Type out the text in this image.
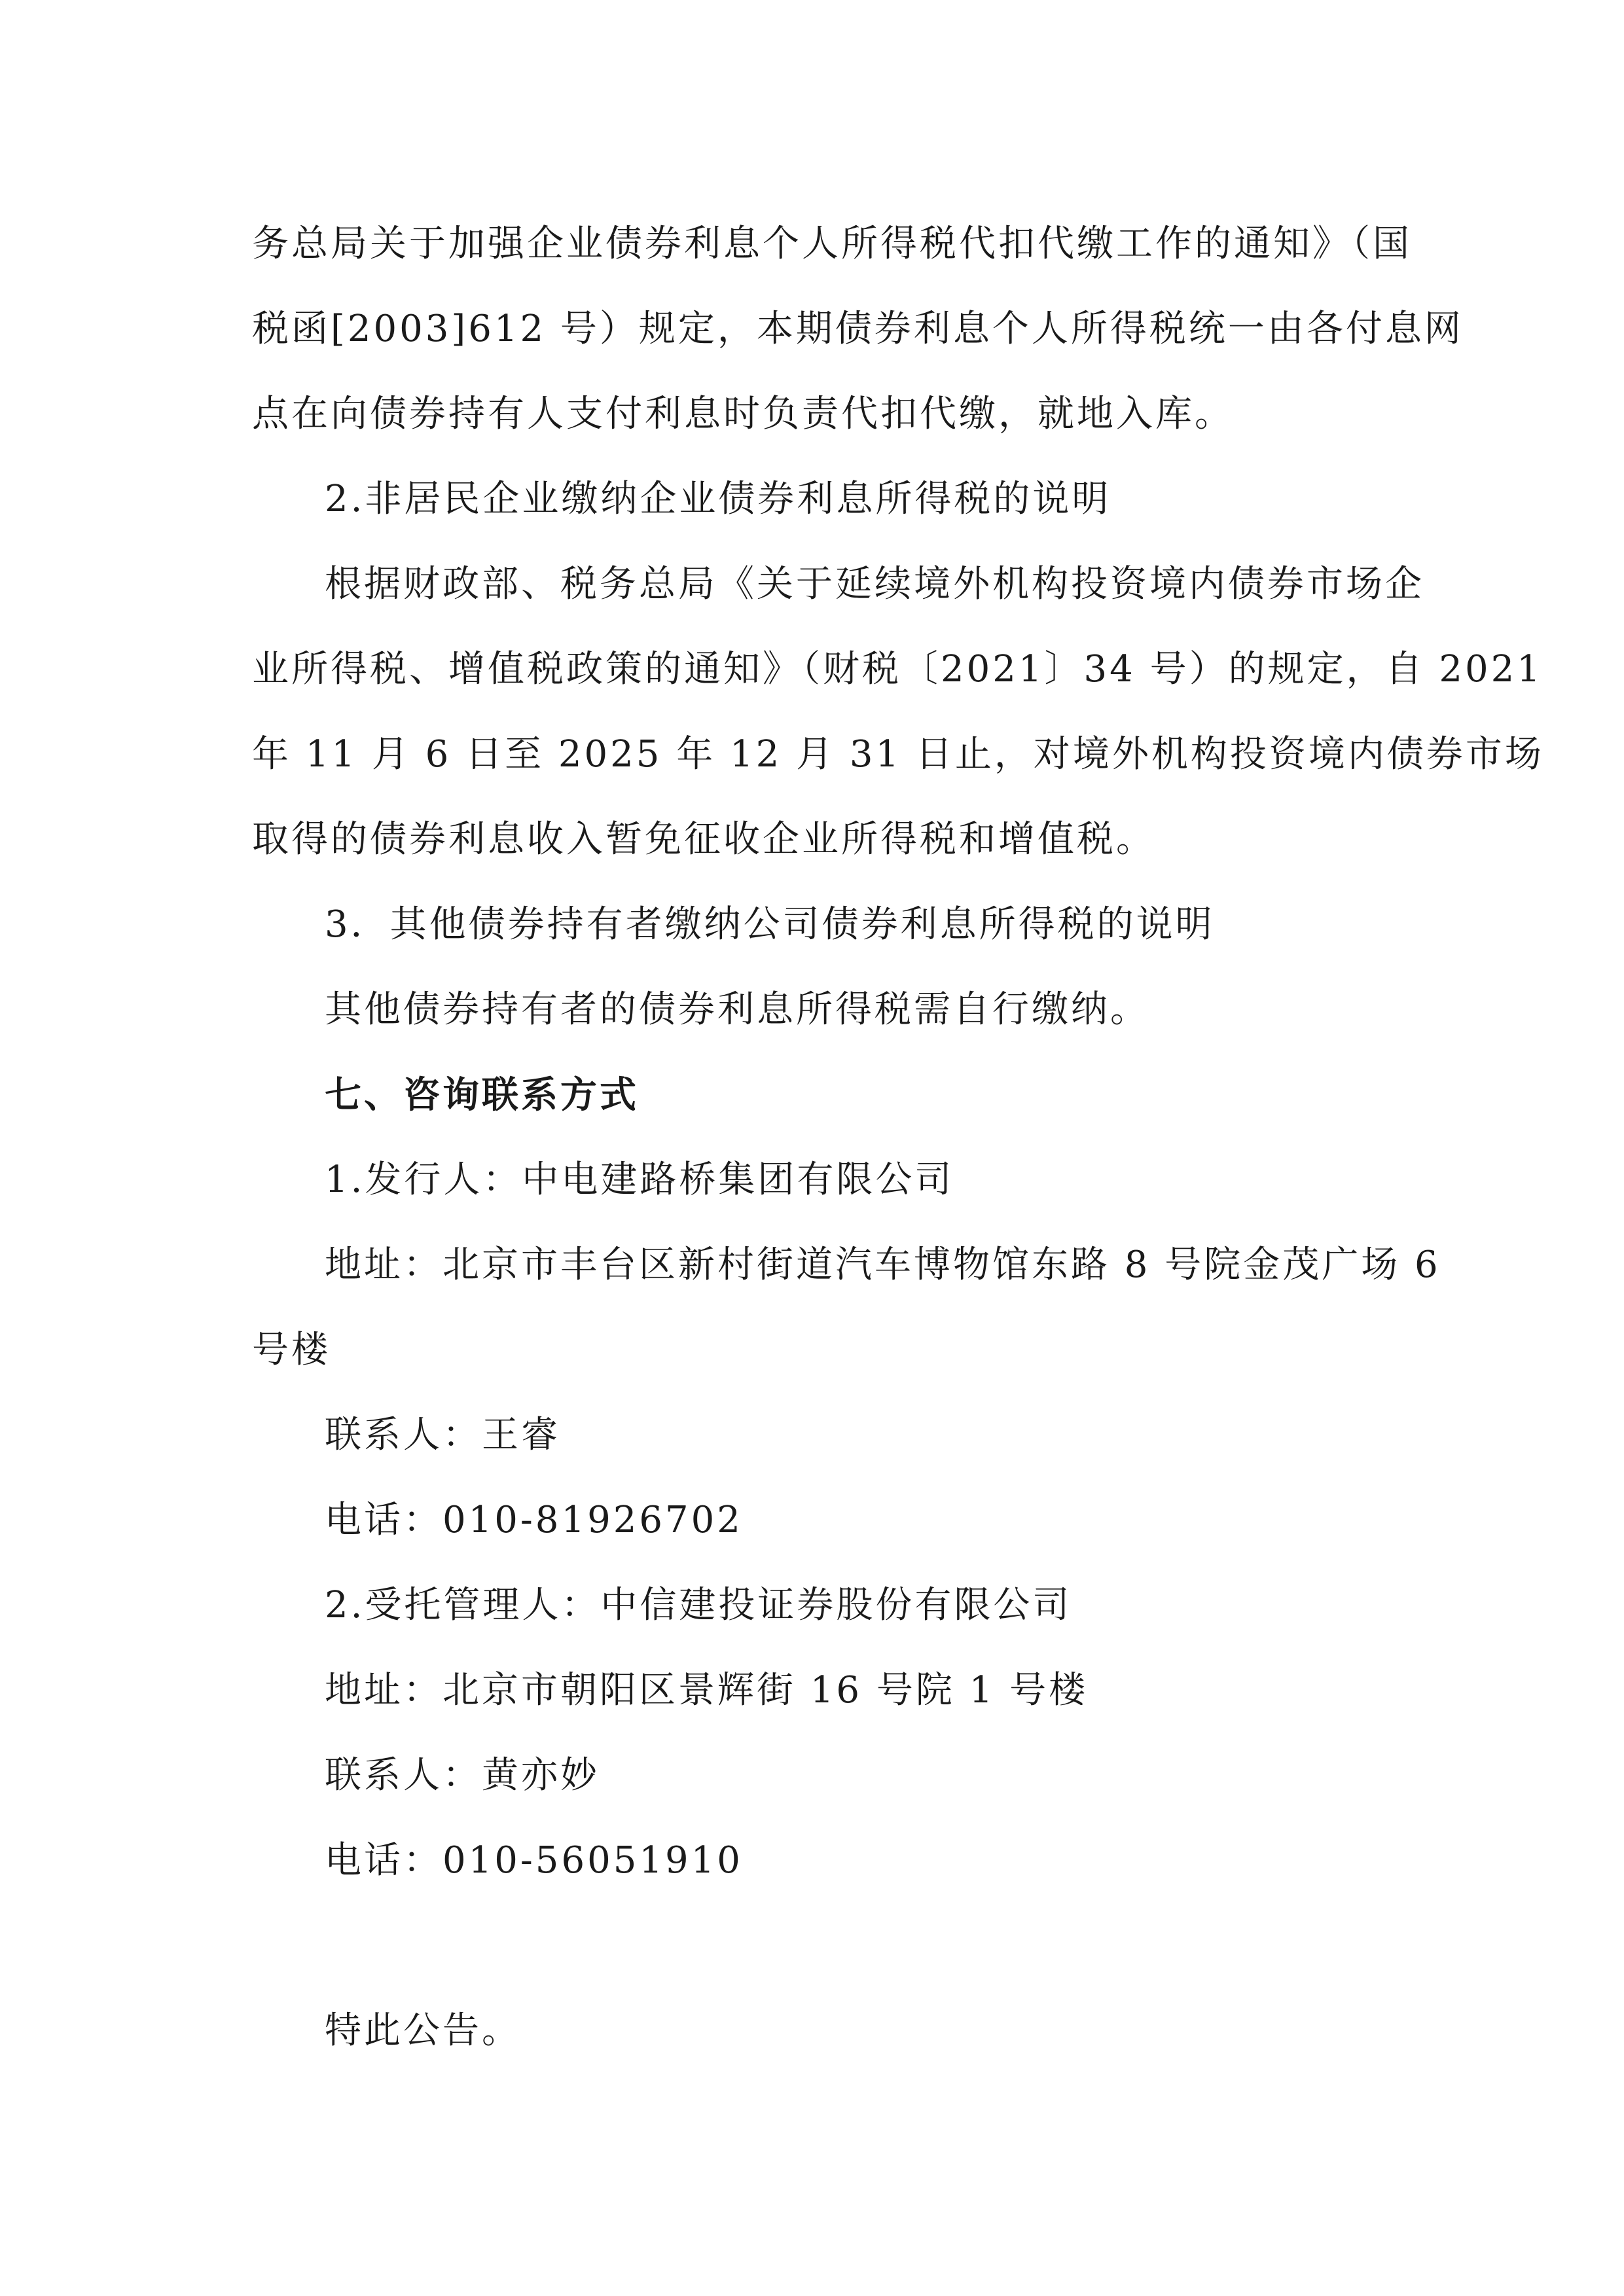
务总局关于加强企业债券利息个人所得税代扣代缴工作的通知》（国
税函[2003]612 号）规定，本期债券利息个人所得税统一由各付息网
点在向债券持有人支付利息时负责代扣代缴，就地入库。
2.非居民企业缴纳企业债券利息所得税的说明
根据财政部、税务总局《关于延续境外机构投资境内债券市场企
业所得税、增值税政策的通知》（财税〔2021〕34 号）的规定，自 2021
年 11 月 6 日至 2025 年 12 月 31 日止，对境外机构投资境内债券市场
取得的债券利息收入暂免征收企业所得税和增值税。
3．其他债券持有者缴纳公司债券利息所得税的说明
其他债券持有者的债券利息所得税需自行缴纳。
七、咨询联系方式
1.发行人：中电建路桥集团有限公司
地址：北京市丰台区新村街道汽车博物馆东路 8 号院金茂广场 6
号楼
联系人：王睿
电话：010-81926702
2.受托管理人：中信建投证券股份有限公司
地址：北京市朝阳区景辉街 16 号院 1 号楼
联系人：黄亦妙
电话：010-56051910
特此公告。
